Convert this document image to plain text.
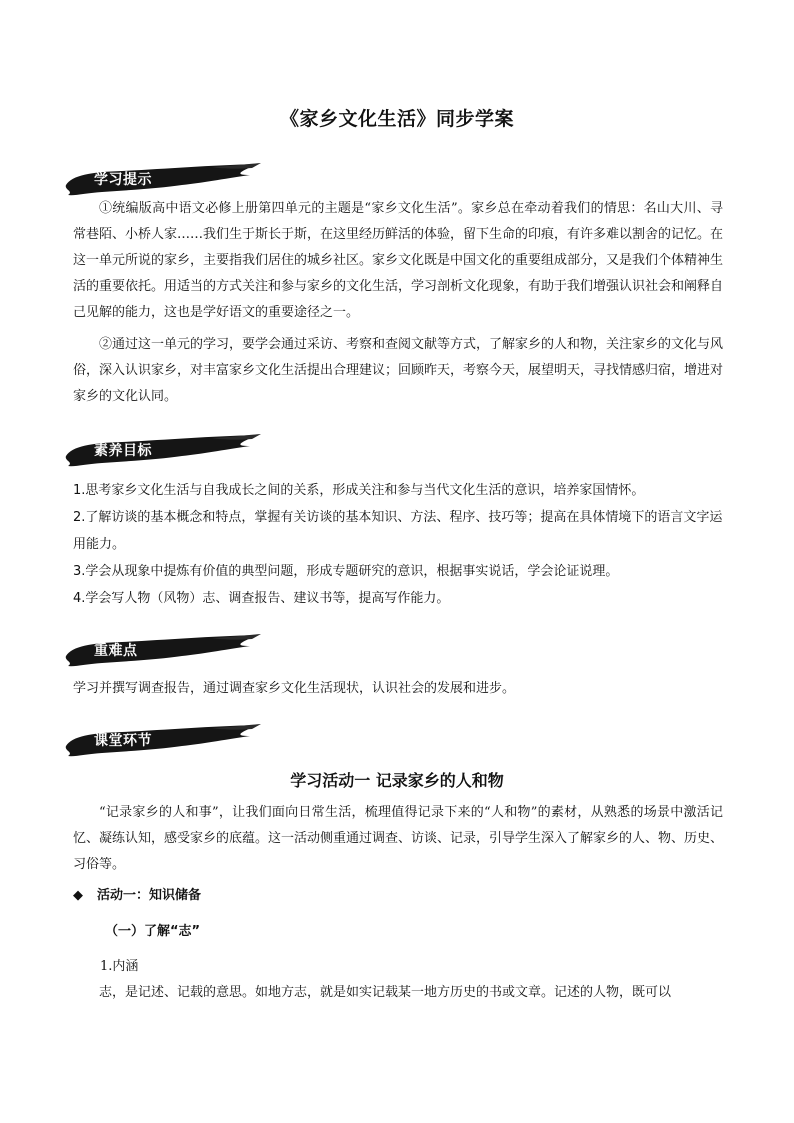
《家乡文化生活》同步学案
学习提示

①统编版高中语文必修上册第四单元的主题是“家乡文化生活”。家乡总在牵动着我们的情思：名山大川、寻常巷陌、小桥人家……我们生于斯长于斯，在这里经历鲜活的体验，留下生命的印痕，有许多难以割舍的记忆。在这一单元所说的家乡，主要指我们居住的城乡社区。家乡文化既是中国文化的重要组成部分，又是我们个体精神生活的重要依托。用适当的方式关注和参与家乡的文化生活，学习剖析文化现象，有助于我们增强认识社会和阐释自己见解的能力，这也是学好语文的重要途径之一。

②通过这一单元的学习，要学会通过采访、考察和查阅文献等方式，了解家乡的人和物，关注家乡的文化与风俗，深入认识家乡，对丰富家乡文化生活提出合理建议；回顾昨天，考察今天，展望明天，寻找情感归宿，增进对家乡的文化认同。

素养目标
1.思考家乡文化生活与自我成长之间的关系，形成关注和参与当代文化生活的意识，培养家国情怀。
2.了解访谈的基本概念和特点，掌握有关访谈的基本知识、方法、程序、技巧等；提高在具体情境下的语言文字运用能力。
3.学会从现象中提炼有价值的典型问题，形成专题研究的意识，根据事实说话，学会论证说理。
4.学会写人物（风物）志、调查报告、建议书等，提高写作能力。
重难点

学习并撰写调查报告，通过调查家乡文化生活现状，认识社会的发展和进步。

课堂环节
学习活动一 记录家乡的人和物

“记录家乡的人和事”，让我们面向日常生活，梳理值得记录下来的“人和物”的素材，从熟悉的场景中激活记忆、凝练认知，感受家乡的底蕴。这一活动侧重通过调查、访谈、记录，引导学生深入了解家乡的人、物、历史、习俗等。

◆ 活动一：知识储备

（一）了解“志”

1.内涵

志，是记述、记载的意思。如地方志，就是如实记载某一地方历史的书或文章。记述的人物，既可以
